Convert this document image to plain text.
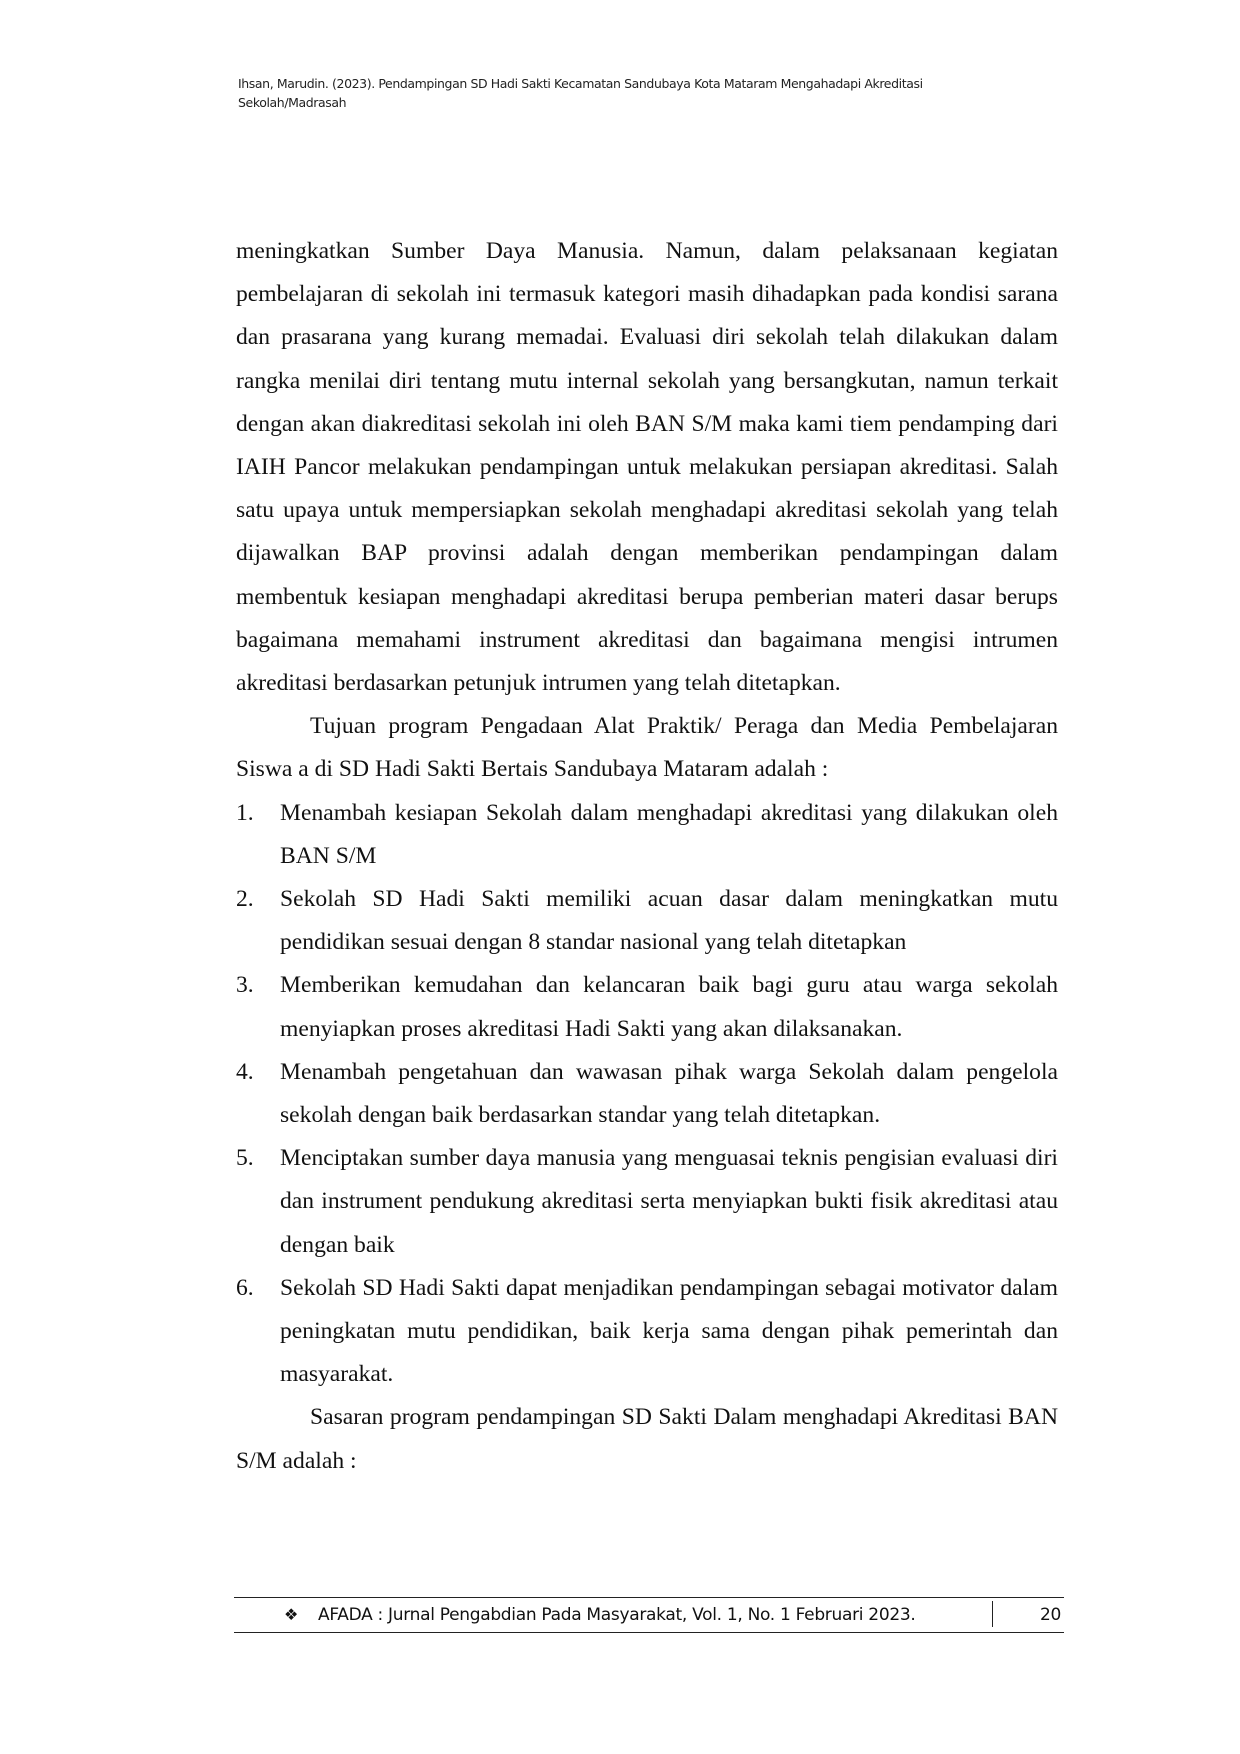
Ihsan, Marudin. (2023). Pendampingan SD Hadi Sakti Kecamatan Sandubaya Kota Mataram Mengahadapi Akreditasi
Sekolah/Madrasah

meningkatkan Sumber Daya Manusia. Namun, dalam pelaksanaan kegiatan pembelajaran di sekolah ini termasuk kategori masih dihadapkan pada kondisi sarana dan prasarana yang kurang memadai. Evaluasi diri sekolah telah dilakukan dalam rangka menilai diri tentang mutu internal sekolah yang bersangkutan, namun terkait dengan akan diakreditasi sekolah ini oleh BAN S/M maka kami tiem pendamping dari IAIH Pancor melakukan pendampingan untuk melakukan persiapan akreditasi. Salah satu upaya untuk mempersiapkan sekolah menghadapi akreditasi sekolah yang telah dijawalkan BAP provinsi adalah dengan memberikan pendampingan dalam membentuk kesiapan menghadapi akreditasi berupa pemberian materi dasar berups bagaimana memahami instrument akreditasi dan bagaimana mengisi intrumen akreditasi berdasarkan petunjuk intrumen yang telah ditetapkan.

Tujuan program Pengadaan Alat Praktik/ Peraga dan Media Pembelajaran Siswa a di SD Hadi Sakti Bertais Sandubaya Mataram adalah :

1. Menambah kesiapan Sekolah dalam menghadapi akreditasi yang dilakukan oleh BAN S/M
2. Sekolah SD Hadi Sakti memiliki acuan dasar dalam meningkatkan mutu pendidikan sesuai dengan 8 standar nasional yang telah ditetapkan
3. Memberikan kemudahan dan kelancaran baik bagi guru atau warga sekolah menyiapkan proses akreditasi Hadi Sakti yang akan dilaksanakan.
4. Menambah pengetahuan dan wawasan pihak warga Sekolah dalam pengelola sekolah dengan baik berdasarkan standar yang telah ditetapkan.
5. Menciptakan sumber daya manusia yang menguasai teknis pengisian evaluasi diri dan instrument pendukung akreditasi serta menyiapkan bukti fisik akreditasi atau dengan baik
6. Sekolah SD Hadi Sakti dapat menjadikan pendampingan sebagai motivator dalam peningkatan mutu pendidikan, baik kerja sama dengan pihak pemerintah dan masyarakat.

Sasaran program pendampingan SD Sakti Dalam menghadapi Akreditasi BAN S/M adalah :

❖ AFADA : Jurnal Pengabdian Pada Masyarakat, Vol. 1, No. 1 Februari 2023.	20
